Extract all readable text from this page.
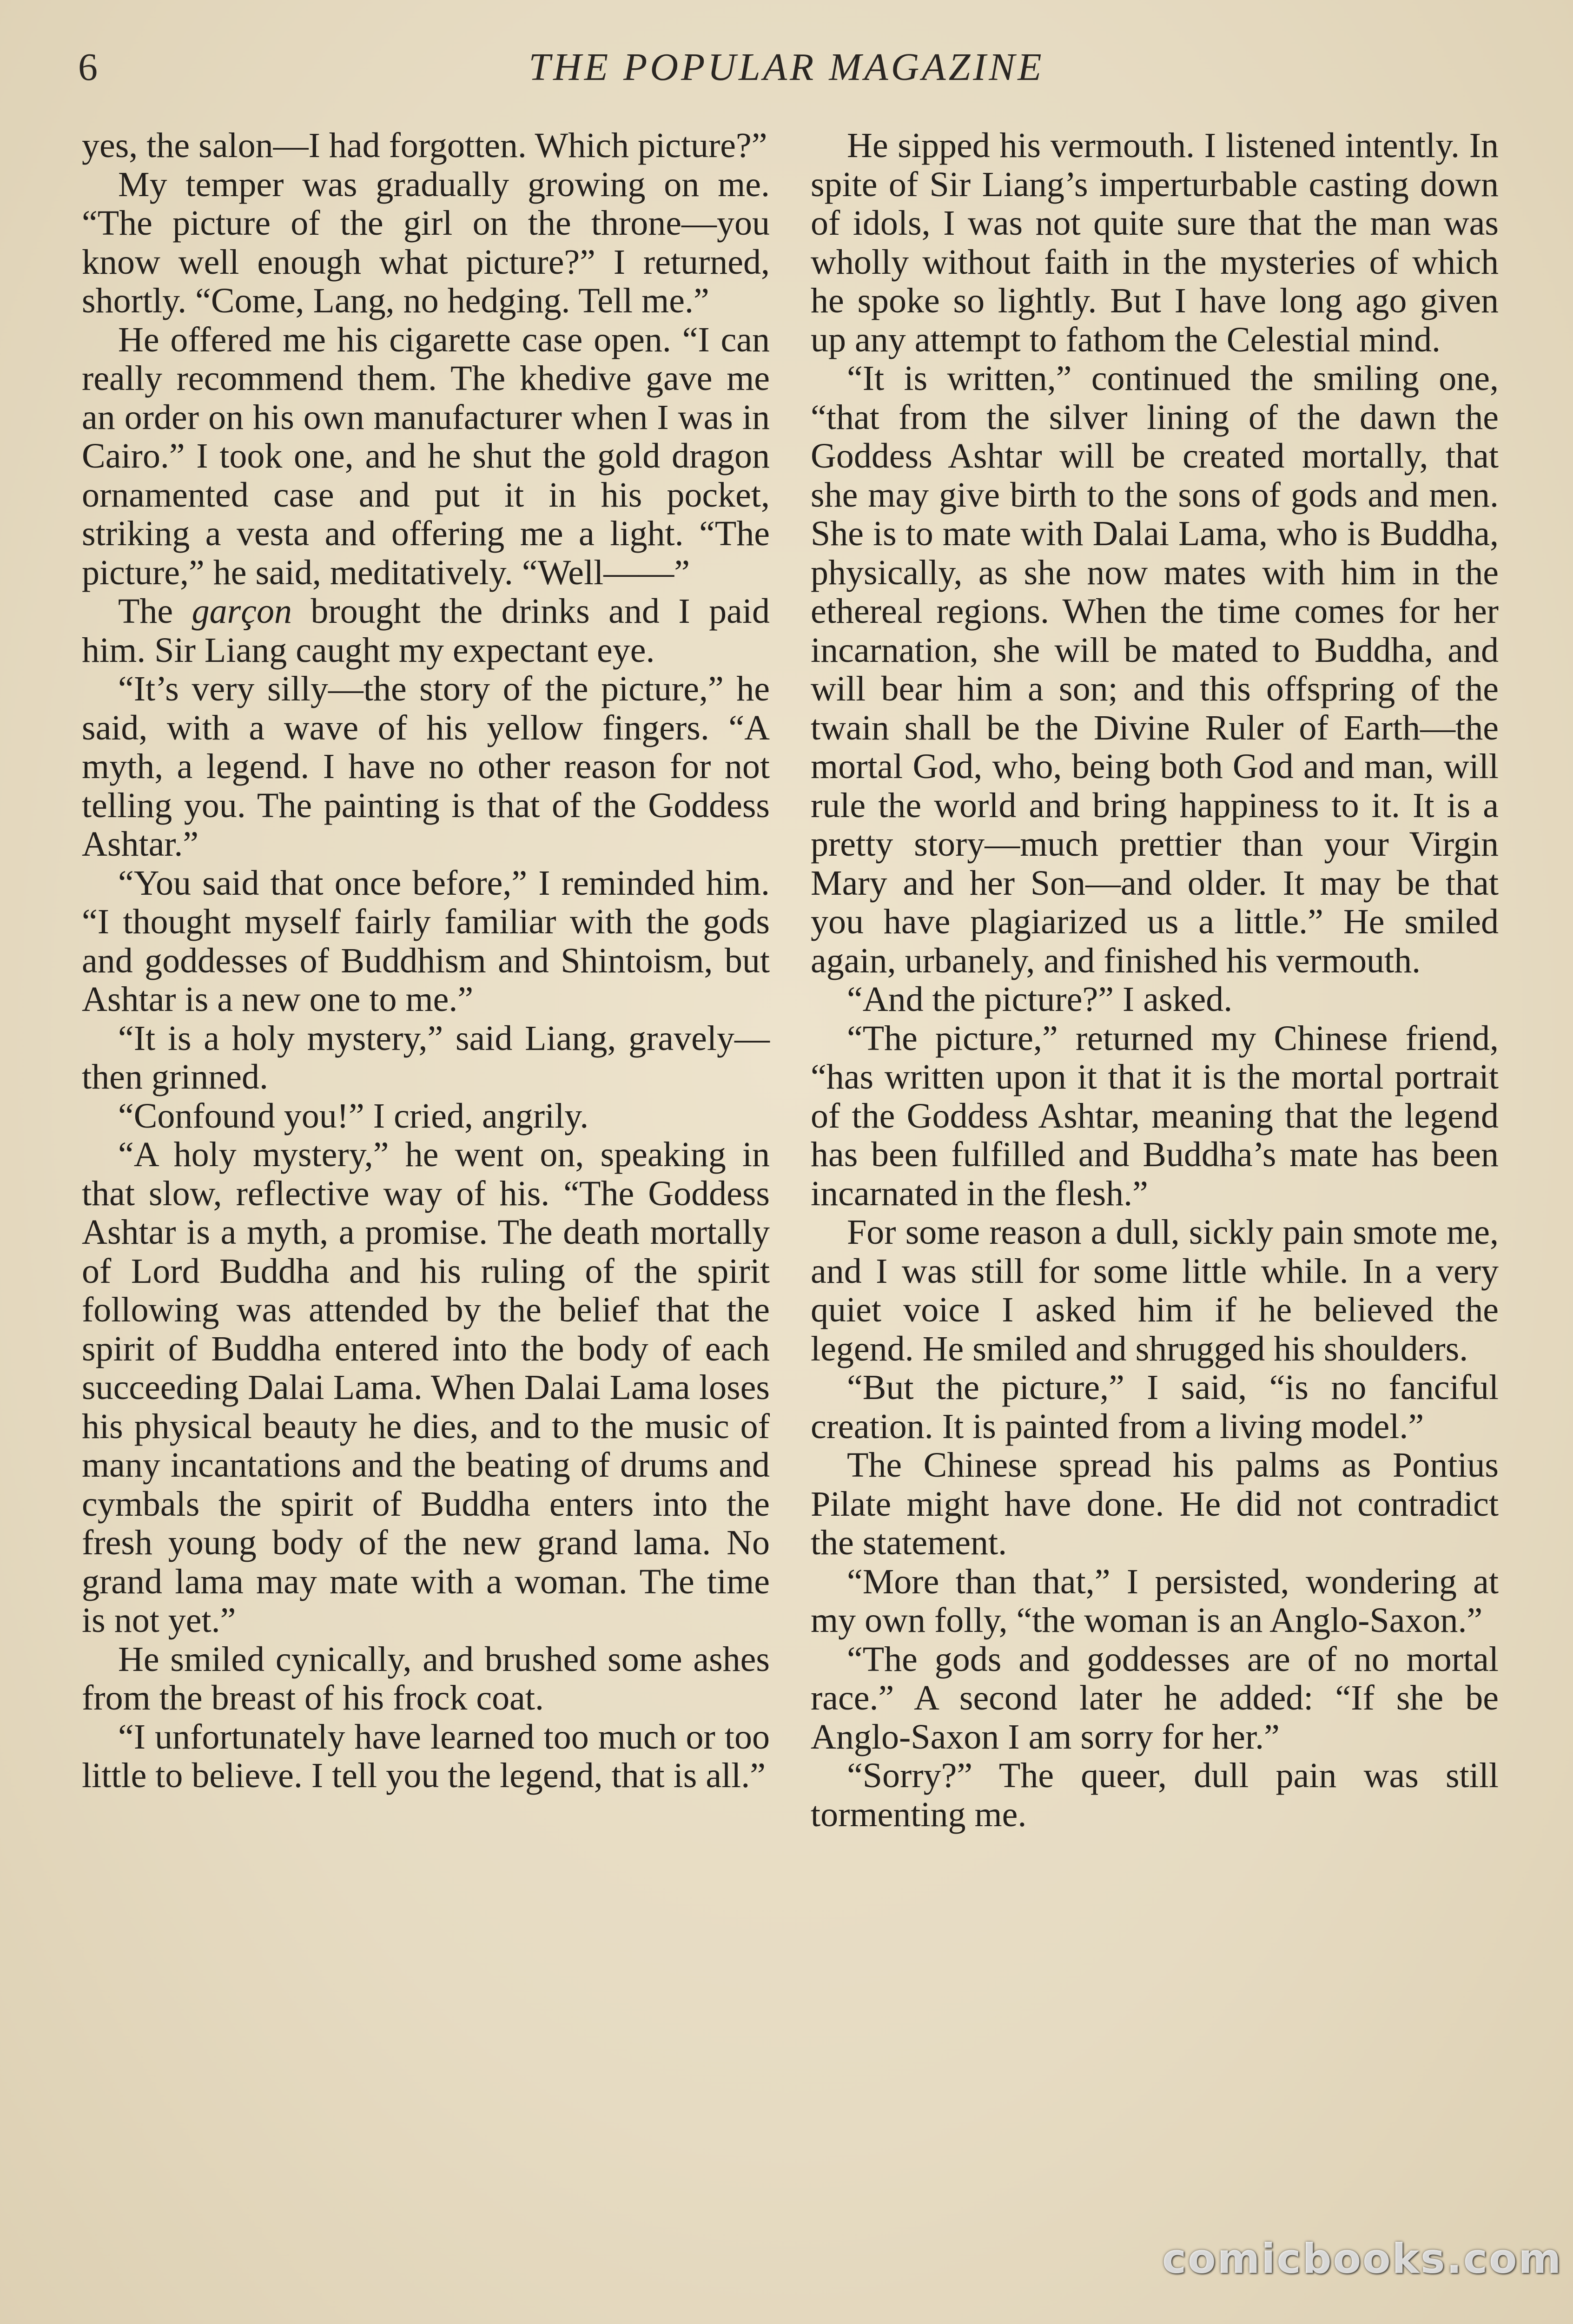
6	THE POPULAR MAGAZINE

yes, the salon—I had forgotten. Which picture?”

My temper was gradually growing on me. “The picture of the girl on the throne—you know well enough what picture?” I returned, shortly. “Come, Lang, no hedging. Tell me.”

He offered me his cigarette case open. “I can really recommend them. The khedive gave me an order on his own manufacturer when I was in Cairo.” I took one, and he shut the gold dragon ornamented case and put it in his pocket, striking a vesta and offering me a light. “The picture,” he said, meditatively. “Well——”

The garçon brought the drinks and I paid him. Sir Liang caught my expectant eye.

“It’s very silly—the story of the picture,” he said, with a wave of his yellow fingers. “A myth, a legend. I have no other reason for not telling you. The painting is that of the Goddess Ashtar.”

“You said that once before,” I reminded him. “I thought myself fairly familiar with the gods and goddesses of Buddhism and Shintoism, but Ashtar is a new one to me.”

“It is a holy mystery,” said Liang, gravely—then grinned.

“Confound you!” I cried, angrily.

“A holy mystery,” he went on, speaking in that slow, reflective way of his. “The Goddess Ashtar is a myth, a promise. The death mortally of Lord Buddha and his ruling of the spirit following was attended by the belief that the spirit of Buddha entered into the body of each succeeding Dalai Lama. When Dalai Lama loses his physical beauty he dies, and to the music of many incantations and the beating of drums and cymbals the spirit of Buddha enters into the fresh young body of the new grand lama. No grand lama may mate with a woman. The time is not yet.”

He smiled cynically, and brushed some ashes from the breast of his frock coat.

“I unfortunately have learned too much or too little to believe. I tell you the legend, that is all.”

He sipped his vermouth. I listened intently. In spite of Sir Liang’s imperturbable casting down of idols, I was not quite sure that the man was wholly without faith in the mysteries of which he spoke so lightly. But I have long ago given up any attempt to fathom the Celestial mind.

“It is written,” continued the smiling one, “that from the silver lining of the dawn the Goddess Ashtar will be created mortally, that she may give birth to the sons of gods and men. She is to mate with Dalai Lama, who is Buddha, physically, as she now mates with him in the ethereal regions. When the time comes for her incarnation, she will be mated to Buddha, and will bear him a son; and this offspring of the twain shall be the Divine Ruler of Earth—the mortal God, who, being both God and man, will rule the world and bring happiness to it. It is a pretty story—much prettier than your Virgin Mary and her Son—and older. It may be that you have plagiarized us a little.” He smiled again, urbanely, and finished his vermouth.

“And the picture?” I asked.

“The picture,” returned my Chinese friend, “has written upon it that it is the mortal portrait of the Goddess Ashtar, meaning that the legend has been fulfilled and Buddha’s mate has been incarnated in the flesh.”

For some reason a dull, sickly pain smote me, and I was still for some little while. In a very quiet voice I asked him if he believed the legend. He smiled and shrugged his shoulders.

“But the picture,” I said, “is no fanciful creation. It is painted from a living model.”

The Chinese spread his palms as Pontius Pilate might have done. He did not contradict the statement.

“More than that,” I persisted, wondering at my own folly, “the woman is an Anglo-Saxon.”

“The gods and goddesses are of no mortal race.” A second later he added: “If she be Anglo-Saxon I am sorry for her.”

“Sorry?” The queer, dull pain was still tormenting me.

comicbooks.com
